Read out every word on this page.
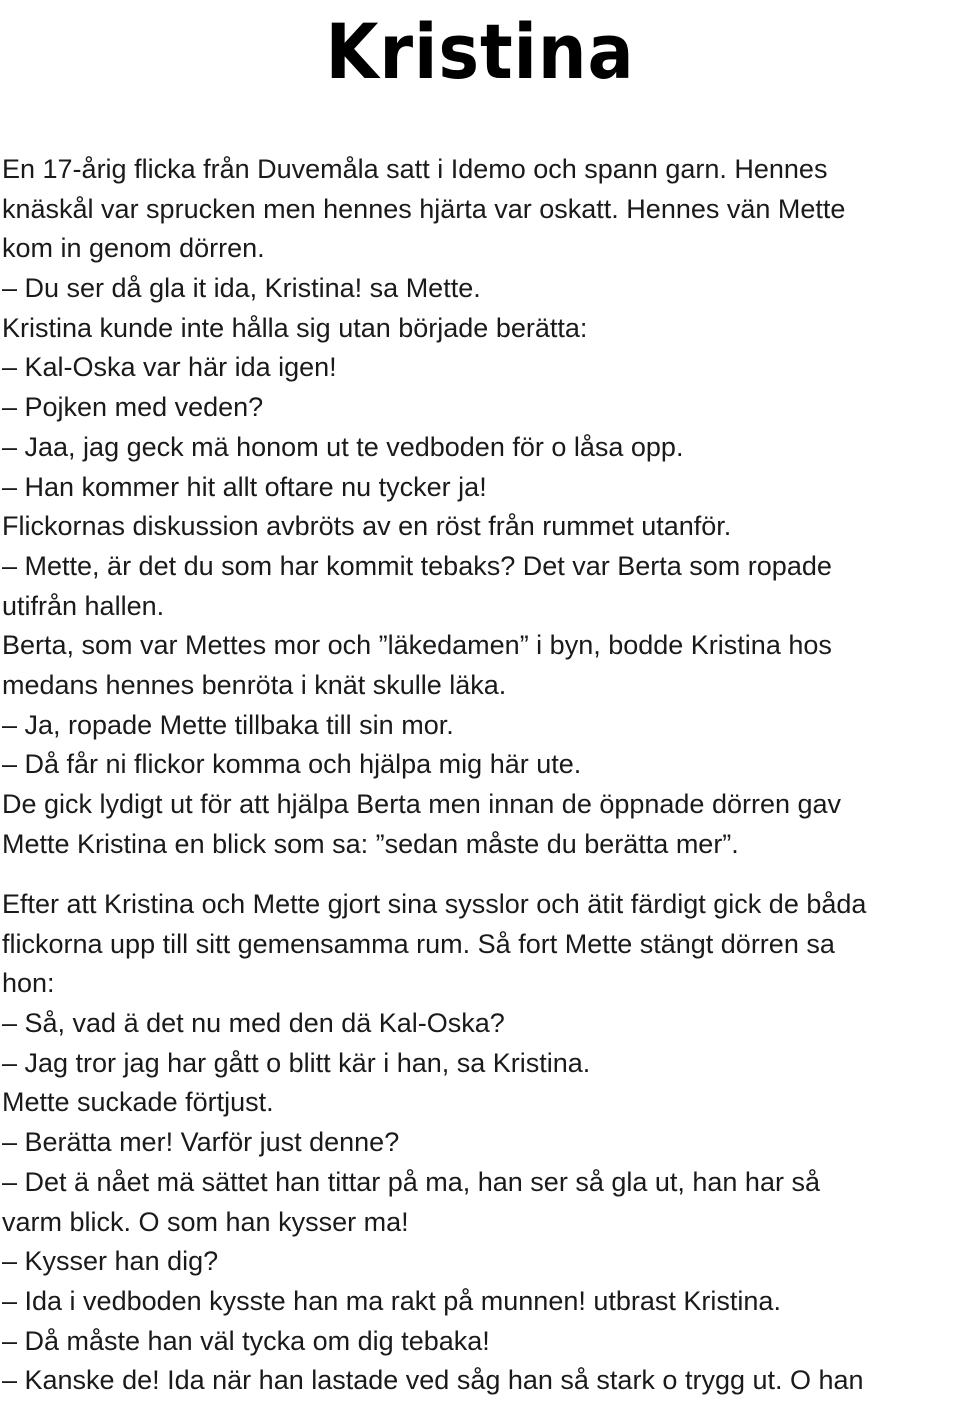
Kristina
En 17-årig flicka från Duvemåla satt i Idemo och spann garn. Hennes
knäskål var sprucken men hennes hjärta var oskatt. Hennes vän Mette
kom in genom dörren.
– Du ser då gla it ida, Kristina! sa Mette.
Kristina kunde inte hålla sig utan började berätta:
– Kal-Oska var här ida igen!
– Pojken med veden?
– Jaa, jag geck mä honom ut te vedboden för o låsa opp.
– Han kommer hit allt oftare nu tycker ja!
Flickornas diskussion avbröts av en röst från rummet utanför.
– Mette, är det du som har kommit tebaks? Det var Berta som ropade
utifrån hallen.
Berta, som var Mettes mor och ”läkedamen” i byn, bodde Kristina hos
medans hennes benröta i knät skulle läka.
– Ja, ropade Mette tillbaka till sin mor.
– Då får ni flickor komma och hjälpa mig här ute.
De gick lydigt ut för att hjälpa Berta men innan de öppnade dörren gav
Mette Kristina en blick som sa: ”sedan måste du berätta mer”.
Efter att Kristina och Mette gjort sina sysslor och ätit färdigt gick de båda
flickorna upp till sitt gemensamma rum. Så fort Mette stängt dörren sa
hon:
– Så, vad ä det nu med den dä Kal-Oska?
– Jag tror jag har gått o blitt kär i han, sa Kristina.
Mette suckade förtjust.
– Berätta mer! Varför just denne?
– Det ä nået mä sättet han tittar på ma, han ser så gla ut, han har så
varm blick. O som han kysser ma!
– Kysser han dig?
– Ida i vedboden kysste han ma rakt på munnen! utbrast Kristina.
– Då måste han väl tycka om dig tebaka!
– Kanske de! Ida när han lastade ved såg han så stark o trygg ut. O han
